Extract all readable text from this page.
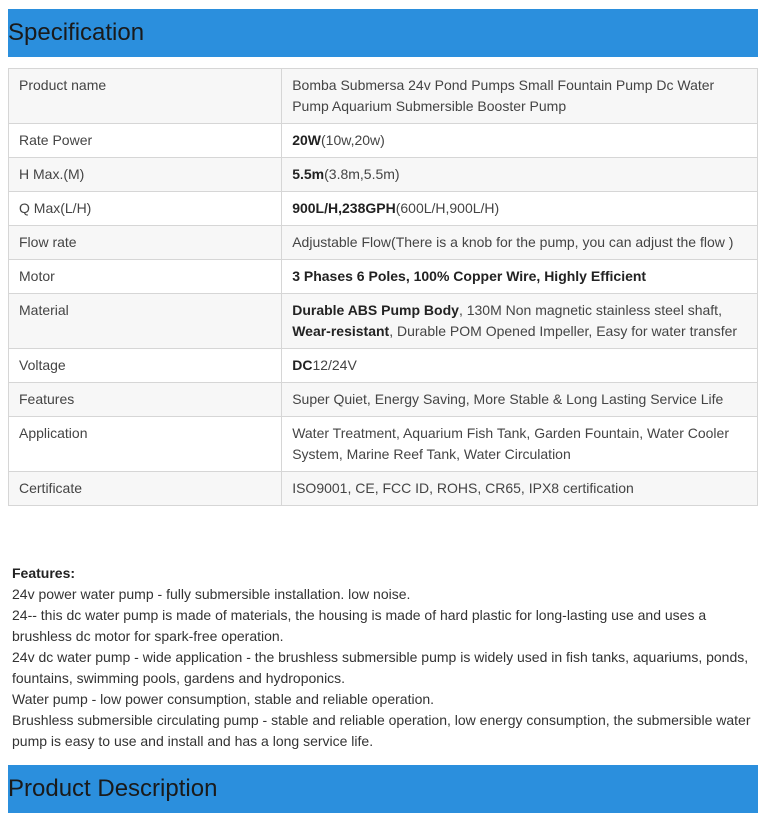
Specification
Product name	Bomba Submersa 24v Pond Pumps Small Fountain Pump Dc Water Pump Aquarium Submersible Booster Pump
Rate Power	20W(10w,20w)
H Max.(M)	5.5m(3.8m,5.5m)
Q Max(L/H)	900L/H,238GPH(600L/H,900L/H)
Flow rate	Adjustable Flow(There is a knob for the pump, you can adjust the flow )
Motor	3 Phases 6 Poles, 100% Copper Wire, Highly Efficient
Material	Durable ABS Pump Body, 130M Non magnetic stainless steel shaft, Wear-resistant, Durable POM Opened Impeller, Easy for water transfer
Voltage	DC12/24V
Features	Super Quiet, Energy Saving, More Stable & Long Lasting Service Life
Application	Water Treatment, Aquarium Fish Tank, Garden Fountain, Water Cooler System, Marine Reef Tank, Water Circulation
Certificate	ISO9001, CE, FCC ID, ROHS, CR65, IPX8 certification

Features:

24v power water pump - fully submersible installation. low noise.

24-- this dc water pump is made of materials, the housing is made of hard plastic for long-lasting use and uses a brushless dc motor for spark-free operation.

24v dc water pump - wide application - the brushless submersible pump is widely used in fish tanks, aquariums, ponds, fountains, swimming pools, gardens and hydroponics.

Water pump - low power consumption, stable and reliable operation.

Brushless submersible circulating pump - stable and reliable operation, low energy consumption, the submersible water pump is easy to use and install and has a long service life.

Product Description
